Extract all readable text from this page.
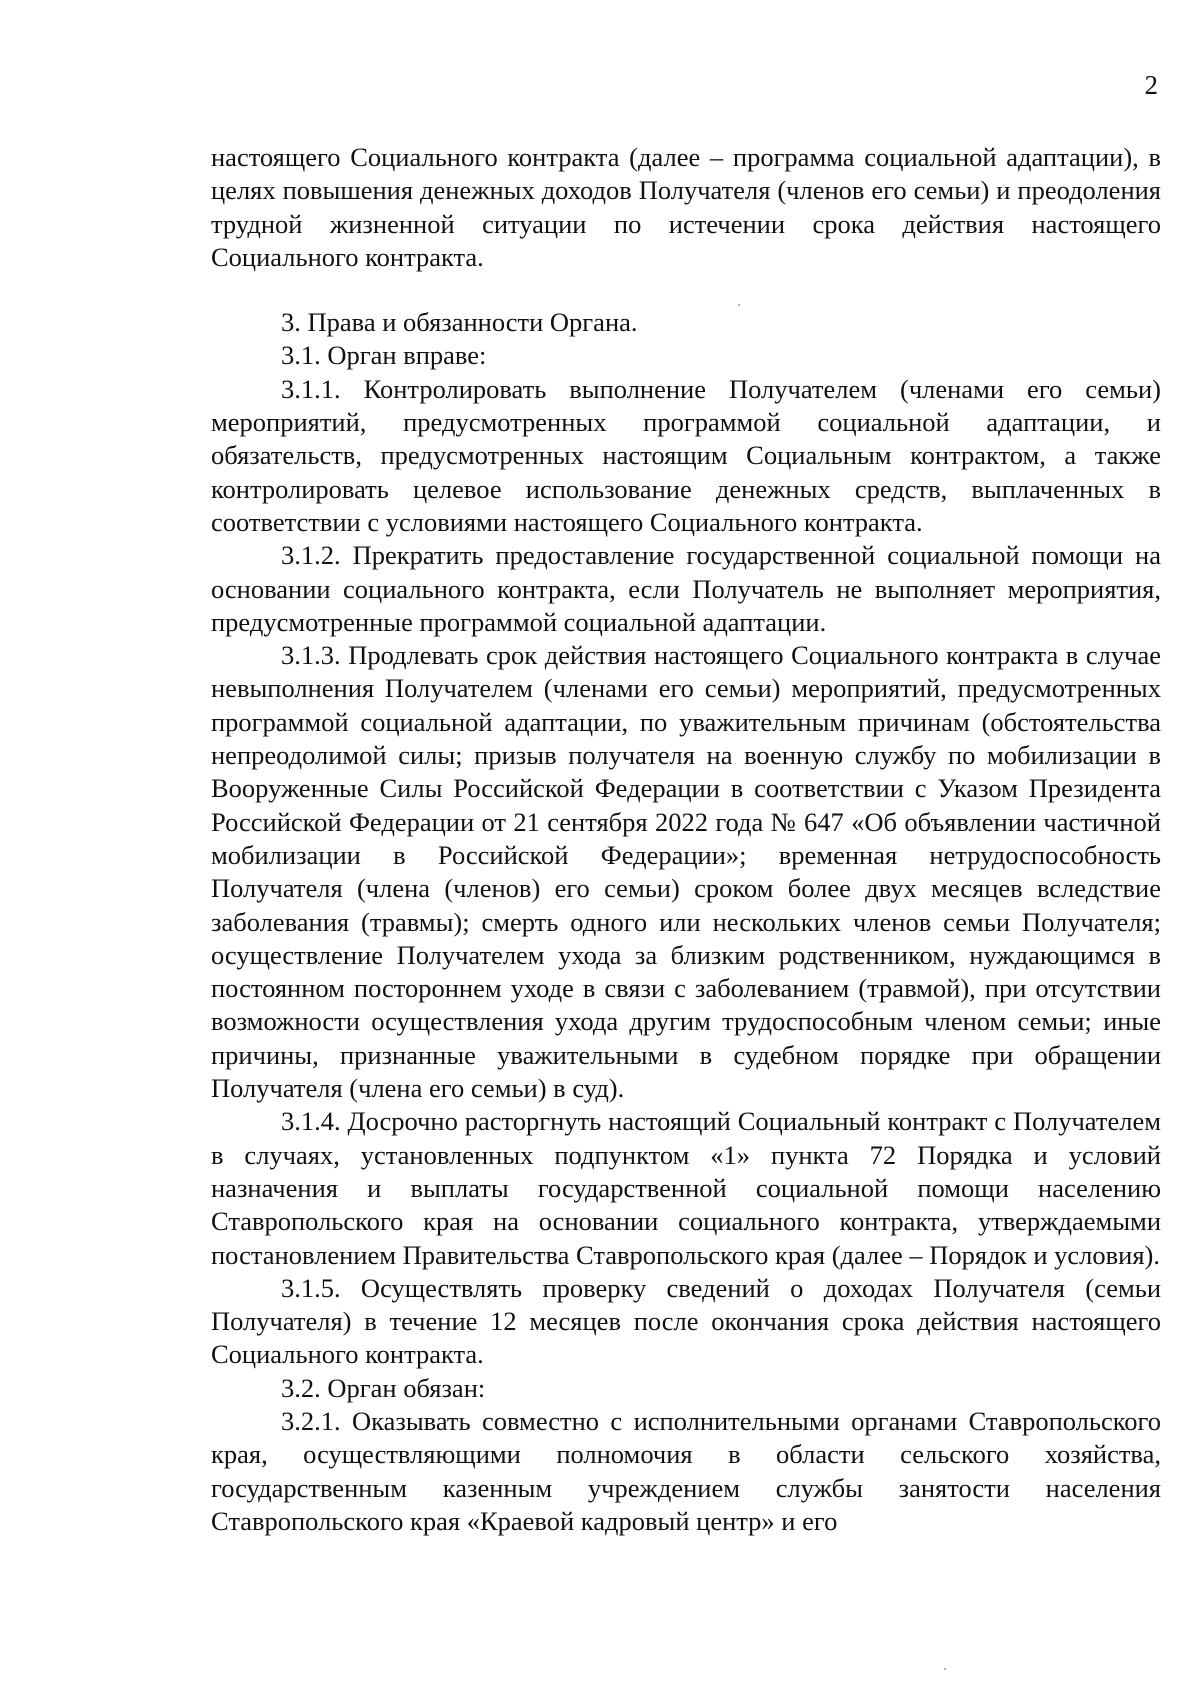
2

настоящего Социального контракта (далее – программа социальной адаптации), в целях повышения денежных доходов Получателя (членов его семьи) и преодоления трудной жизненной ситуации по истечении срока действия настоящего Социального контракта.

3. Права и обязанности Органа.

3.1. Орган вправе:

3.1.1. Контролировать выполнение Получателем (членами его семьи) мероприятий, предусмотренных программой социальной адаптации, и обязательств, предусмотренных настоящим Социальным контрактом, а также контролировать целевое использование денежных средств, выплаченных в соответствии с условиями настоящего Социального контракта.

3.1.2. Прекратить предоставление государственной социальной помощи на основании социального контракта, если Получатель не выполняет мероприятия, предусмотренные программой социальной адаптации.

3.1.3. Продлевать срок действия настоящего Социального контракта в случае невыполнения Получателем (членами его семьи) мероприятий, предусмотренных программой социальной адаптации, по уважительным причинам (обстоятельства непреодолимой силы; призыв получателя на военную службу по мобилизации в Вооруженные Силы Российской Федерации в соответствии с Указом Президента Российской Федерации от 21 сентября 2022 года № 647 «Об объявлении частичной мобилизации в Российской Федерации»; временная нетрудоспособность Получателя (члена (членов) его семьи) сроком более двух месяцев вследствие заболевания (травмы); смерть одного или нескольких членов семьи Получателя; осуществление Получателем ухода за близким родственником, нуждающимся в постоянном постороннем уходе в связи с заболеванием (травмой), при отсутствии возможности осуществления ухода другим трудоспособным членом семьи; иные причины, признанные уважительными в судебном порядке при обращении Получателя (члена его семьи) в суд).

3.1.4. Досрочно расторгнуть настоящий Социальный контракт с Получателем в случаях, установленных подпунктом «1» пункта 72 Порядка и условий назначения и выплаты государственной социальной помощи населению Ставропольского края на основании социального контракта, утверждаемыми постановлением Правительства Ставропольского края (далее – Порядок и условия).

3.1.5. Осуществлять проверку сведений о доходах Получателя (семьи Получателя) в течение 12 месяцев после окончания срока действия настоящего Социального контракта.

3.2. Орган обязан:

3.2.1. Оказывать совместно с исполнительными органами Ставропольского края, осуществляющими полномочия в области сельского хозяйства, государственным казенным учреждением службы занятости населения Ставропольского края «Краевой кадровый центр» и его
